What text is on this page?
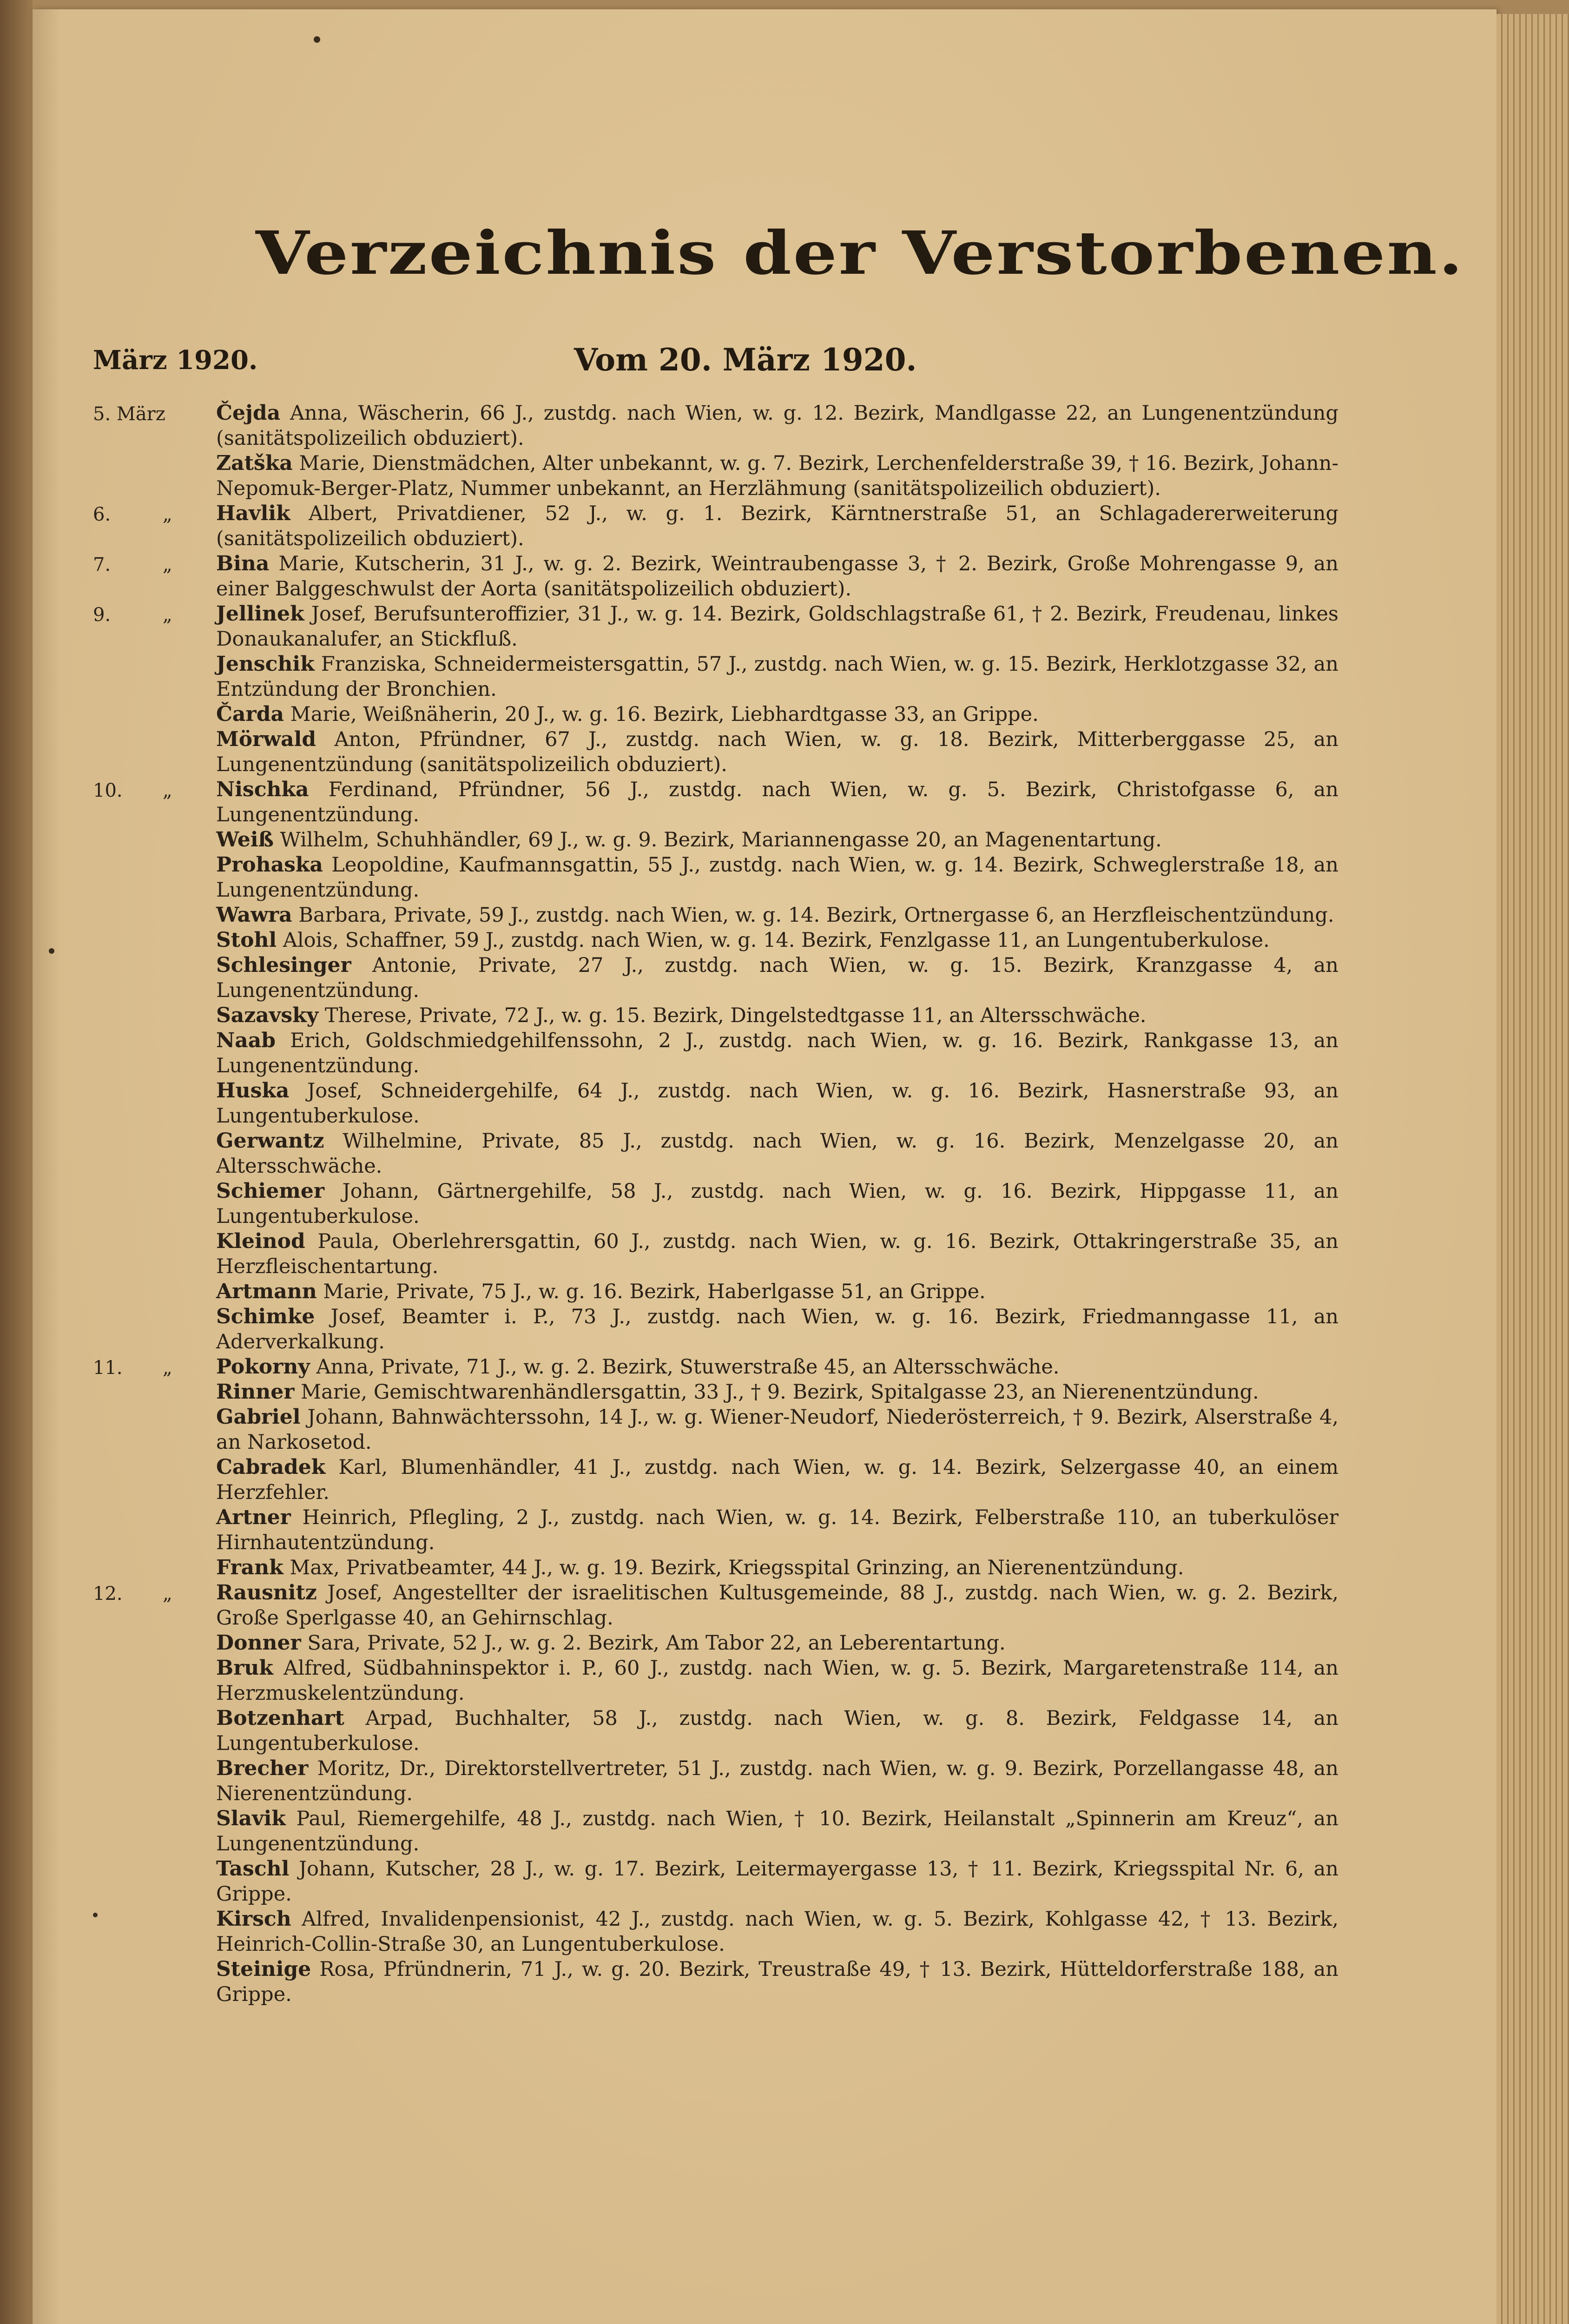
Verzeichnis der Verstorbenen.
März 1920.	Vom 20. März 1920.
5. März	Čejda Anna, Wäscherin, 66 J., zustdg. nach Wien, w. g. 12. Bezirk, Mandlgasse 22, an Lungenentzündung (sanitätspolizeilich obduziert).
Zatška Marie, Dienstmädchen, Alter unbekannt, w. g. 7. Bezirk, Lerchenfelderstraße 39, † 16. Bezirk, Johann-Nepomuk-Berger-Platz, Nummer unbekannt, an Herzlähmung (sanitätspolizeilich obduziert).
6.	„ Havlik Albert, Privatdiener, 52 J., w. g. 1. Bezirk, Kärntnerstraße 51, an Schlagadererweiterung (sanitätspolizeilich obduziert).
7.	„ Bina Marie, Kutscherin, 31 J., w. g. 2. Bezirk, Weintraubengasse 3, † 2. Bezirk, Große Mohrengasse 9, an einer Balggeschwulst der Aorta (sanitätspolizeilich obduziert).
9.	„ Jellinek Josef, Berufsunteroffizier, 31 J., w. g. 14. Bezirk, Goldschlagstraße 61, † 2. Bezirk, Freudenau, linkes Donaukanalufer, an Stickfluß.
Jenschik Franziska, Schneidermeistersgattin, 57 J., zustdg. nach Wien, w. g. 15. Bezirk, Herklotzgasse 32, an Entzündung der Bronchien.
Čarda Marie, Weißnäherin, 20 J., w. g. 16. Bezirk, Liebhardtgasse 33, an Grippe.
Mörwald Anton, Pfründner, 67 J., zustdg. nach Wien, w. g. 18. Bezirk, Mitterberggasse 25, an Lungenentzündung (sanitätspolizeilich obduziert).
10. „ Nischka Ferdinand, Pfründner, 56 J., zustdg. nach Wien, w. g. 5. Bezirk, Christofgasse 6, an Lungenentzündung.
Weiß Wilhelm, Schuhhändler, 69 J., w. g. 9. Bezirk, Mariannengasse 20, an Magenentartung.
Prohaska Leopoldine, Kaufmannsgattin, 55 J., zustdg. nach Wien, w. g. 14. Bezirk, Schweglerstraße 18, an Lungenentzündung.
Wawra Barbara, Private, 59 J., zustdg. nach Wien, w. g. 14. Bezirk, Ortnergasse 6, an Herzfleischentzündung.
Stohl Alois, Schaffner, 59 J., zustdg. nach Wien, w. g. 14. Bezirk, Fenzlgasse 11, an Lungentuberkulose.
Schlesinger Antonie, Private, 27 J., zustdg. nach Wien, w. g. 15. Bezirk, Kranzgasse 4, an Lungenentzündung.
Sazavsky Therese, Private, 72 J., w. g. 15. Bezirk, Dingelstedtgasse 11, an Altersschwäche.
Naab Erich, Goldschmiedgehilfenssohn, 2 J., zustdg. nach Wien, w. g. 16. Bezirk, Rankgasse 13, an Lungenentzündung.
Huska Josef, Schneidergehilfe, 64 J., zustdg. nach Wien, w. g. 16. Bezirk, Hasnerstraße 93, an Lungentuberkulose.
Gerwantz Wilhelmine, Private, 85 J., zustdg. nach Wien, w. g. 16. Bezirk, Menzelgasse 20, an Altersschwäche.
Schiemer Johann, Gärtnergehilfe, 58 J., zustdg. nach Wien, w. g. 16. Bezirk, Hippgasse 11, an Lungentuberkulose.
Kleinod Paula, Oberlehrersgattin, 60 J., zustdg. nach Wien, w. g. 16. Bezirk, Ottakringerstraße 35, an Herzfleischentartung.
Artmann Marie, Private, 75 J., w. g. 16. Bezirk, Haberlgasse 51, an Grippe.
Schimke Josef, Beamter i. P., 73 J., zustdg. nach Wien, w. g. 16. Bezirk, Friedmanngasse 11, an Aderverkalkung.
11. „ Pokorny Anna, Private, 71 J., w. g. 2. Bezirk, Stuwerstraße 45, an Altersschwäche.
Rinner Marie, Gemischtwarenhändlersgattin, 33 J., † 9. Bezirk, Spitalgasse 23, an Nierenentzündung.
Gabriel Johann, Bahnwächterssohn, 14 J., w. g. Wiener-Neudorf, Niederösterreich, † 9. Bezirk, Alserstraße 4, an Narkosetod.
Cabradek Karl, Blumenhändler, 41 J., zustdg. nach Wien, w. g. 14. Bezirk, Selzergasse 40, an einem Herzfehler.
Artner Heinrich, Pflegling, 2 J., zustdg. nach Wien, w. g. 14. Bezirk, Felberstraße 110, an tuberkulöser Hirnhautentzündung.
Frank Max, Privatbeamter, 44 J., w. g. 19. Bezirk, Kriegsspital Grinzing, an Nierenentzündung.
12. „ Rausnitz Josef, Angestellter der israelitischen Kultusgemeinde, 88 J., zustdg. nach Wien, w. g. 2. Bezirk, Große Sperlgasse 40, an Gehirnschlag.
Donner Sara, Private, 52 J., w. g. 2. Bezirk, Am Tabor 22, an Leberentartung.
Bruk Alfred, Südbahninspektor i. P., 60 J., zustdg. nach Wien, w. g. 5. Bezirk, Margaretenstraße 114, an Herzmuskelentzündung.
Botzenhart Arpad, Buchhalter, 58 J., zustdg. nach Wien, w. g. 8. Bezirk, Feldgasse 14, an Lungentuberkulose.
Brecher Moritz, Dr., Direktorstellvertreter, 51 J., zustdg. nach Wien, w. g. 9. Bezirk, Porzellangasse 48, an Nierenentzündung.
Slavik Paul, Riemergehilfe, 48 J., zustdg. nach Wien, † 10. Bezirk, Heilanstalt „Spinnerin am Kreuz“, an Lungenentzündung.
Taschl Johann, Kutscher, 28 J., w. g. 17. Bezirk, Leitermayergasse 13, † 11. Bezirk, Kriegsspital Nr. 6, an Grippe.
Kirsch Alfred, Invalidenpensionist, 42 J., zustdg. nach Wien, w. g. 5. Bezirk, Kohlgasse 42, † 13. Bezirk, Heinrich-Collin-Straße 30, an Lungentuberkulose.
Steinige Rosa, Pfründnerin, 71 J., w. g. 20. Bezirk, Treustraße 49, † 13. Bezirk, Hütteldorferstraße 188, an Grippe.
